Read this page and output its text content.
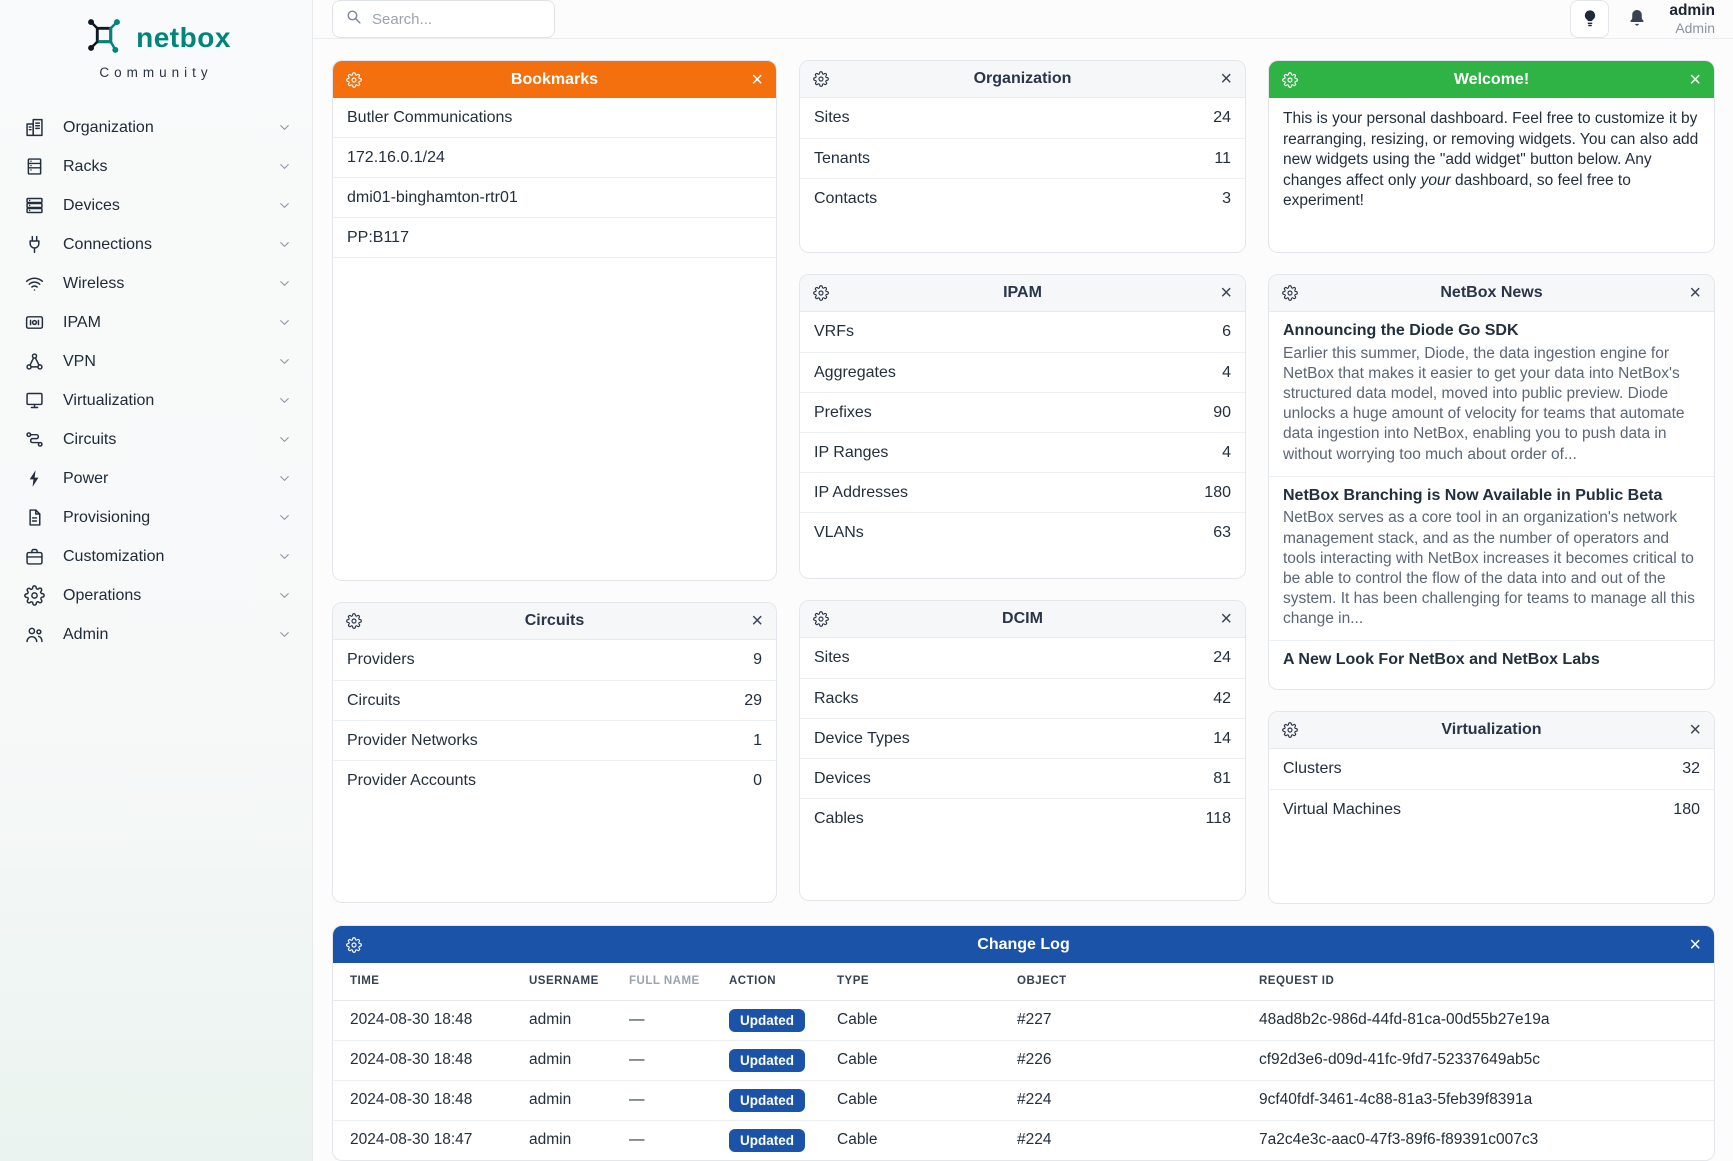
netbox
Community
Organization
Racks
Devices
Connections
Wireless
IPAM
VPN
Virtualization
Circuits
Power
Provisioning
Customization
Operations
Admin
Search...
admin
Admin
Bookmarks	×
Butler Communications
172.16.0.1/24
dmi01-binghamton-rtr01
PP:B117
Circuits	×
Providers	9
Circuits	29
Provider Networks	1
Provider Accounts	0
Organization	×
Sites	24
Tenants	11
Contacts	3
IPAM	×
VRFs	6
Aggregates	4
Prefixes	90
IP Ranges	4
IP Addresses	180
VLANs	63
DCIM	×
Sites	24
Racks	42
Device Types	14
Devices	81
Cables	118
Welcome!	×
This is your personal dashboard. Feel free to customize it by rearranging, resizing, or removing widgets. You can also add new widgets using the "add widget" button below. Any changes affect only your dashboard, so feel free to experiment!
NetBox News	×
Announcing the Diode Go SDK
Earlier this summer, Diode, the data ingestion engine for NetBox that makes it easier to get your data into NetBox's structured data model, moved into public preview. Diode unlocks a huge amount of velocity for teams that automate data ingestion into NetBox, enabling you to push data in without worrying too much about order of...
NetBox Branching is Now Available in Public Beta
NetBox serves as a core tool in an organization's network management stack, and as the number of operators and tools interacting with NetBox increases it becomes critical to be able to control the flow of the data into and out of the system. It has been challenging for teams to manage all this change in...
A New Look For NetBox and NetBox Labs
Virtualization	×
Clusters	32
Virtual Machines	180
Change Log	×
TIME	USERNAME	FULL NAME	ACTION	TYPE	OBJECT	REQUEST ID
2024-08-30 18:48	admin	—	Updated	Cable	#227	48ad8b2c-986d-44fd-81ca-00d55b27e19a
2024-08-30 18:48	admin	—	Updated	Cable	#226	cf92d3e6-d09d-41fc-9fd7-52337649ab5c
2024-08-30 18:48	admin	—	Updated	Cable	#224	9cf40fdf-3461-4c88-81a3-5feb39f8391a
2024-08-30 18:47	admin	—	Updated	Cable	#224	7a2c4e3c-aac0-47f3-89f6-f89391c007c3
